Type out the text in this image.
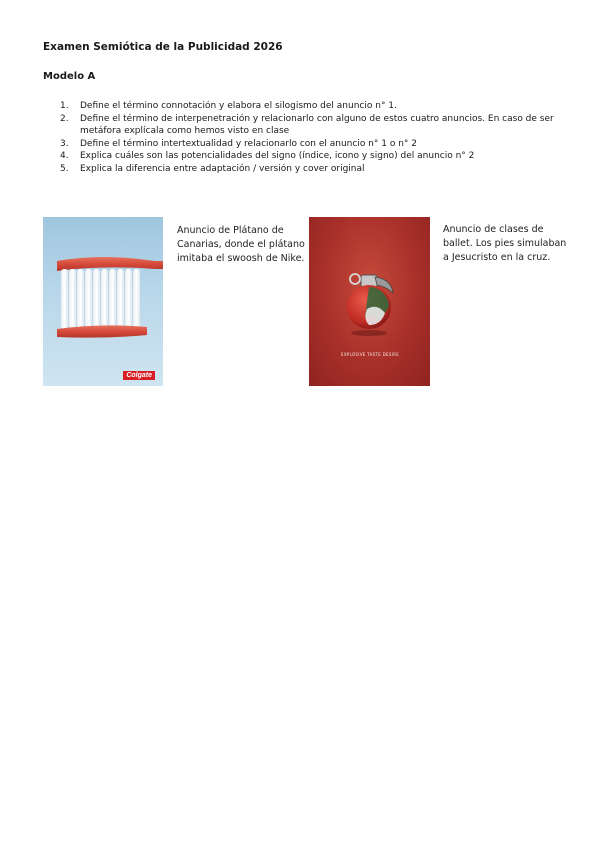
Examen Semiótica de la Publicidad 2026
Modelo A
1. Define el término connotación y elabora el silogismo del anuncio n° 1.
2. Define el término de interpenetración y relacionarlo con alguno de estos cuatro anuncios. En caso de ser metáfora explícala como hemos visto en clase
3. Define el término intertextualidad y relacionarlo con el anuncio n° 1 o n° 2
4. Explica cuáles son las potencialidades del signo (índice, icono y signo) del anuncio n° 2
5. Explica la diferencia entre adaptación / versión y cover original

Colgate
Anuncio de Plátano de Canarias, donde el plátano imitaba el swoosh de Nike.
EXPLOSIVE TASTE DESIRE
Anuncio de clases de ballet. Los pies simulaban a Jesucristo en la cruz.
